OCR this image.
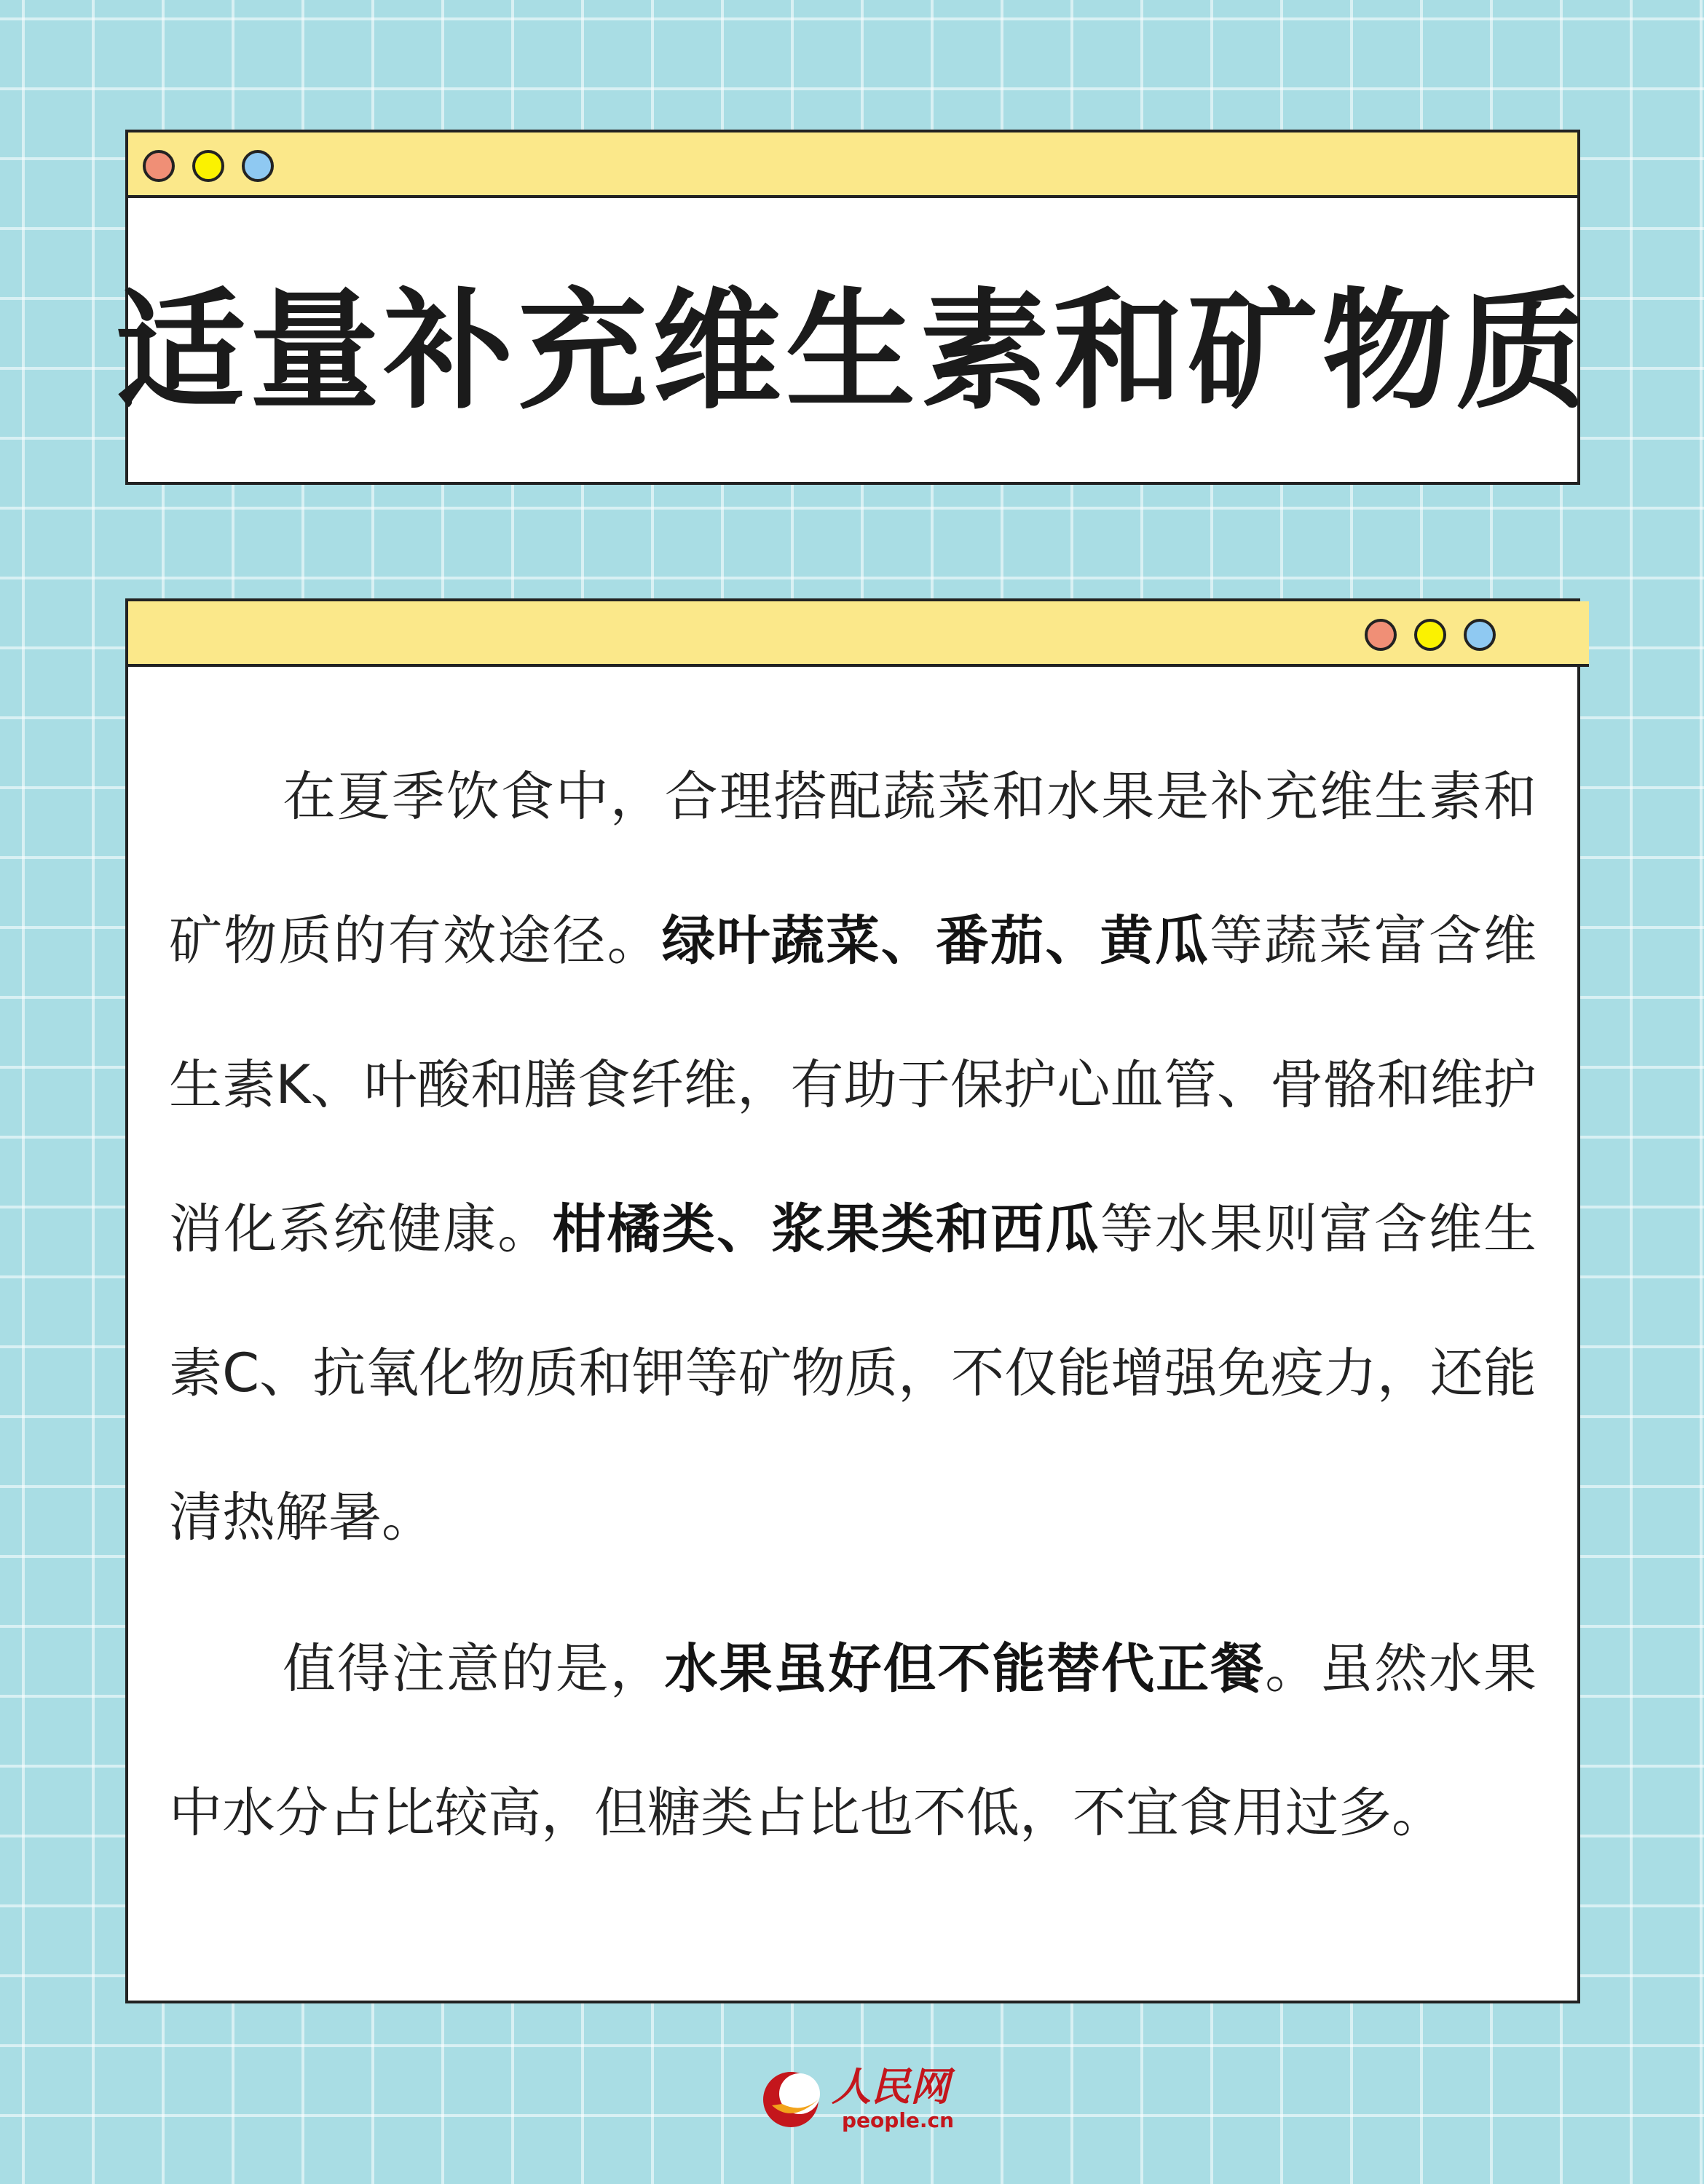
适量补充维生素和矿物质

在夏季饮食中，合理搭配蔬菜和水果是补充维生素和矿物质的有效途径。绿叶蔬菜、番茄、黄瓜等蔬菜富含维生素K、叶酸和膳食纤维，有助于保护心血管、骨骼和维护消化系统健康。柑橘类、浆果类和西瓜等水果则富含维生素C、抗氧化物质和钾等矿物质，不仅能增强免疫力，还能清热解暑。

值得注意的是，水果虽好但不能替代正餐。虽然水果中水分占比较高，但糖类占比也不低，不宜食用过多。

人民网
people.cn
